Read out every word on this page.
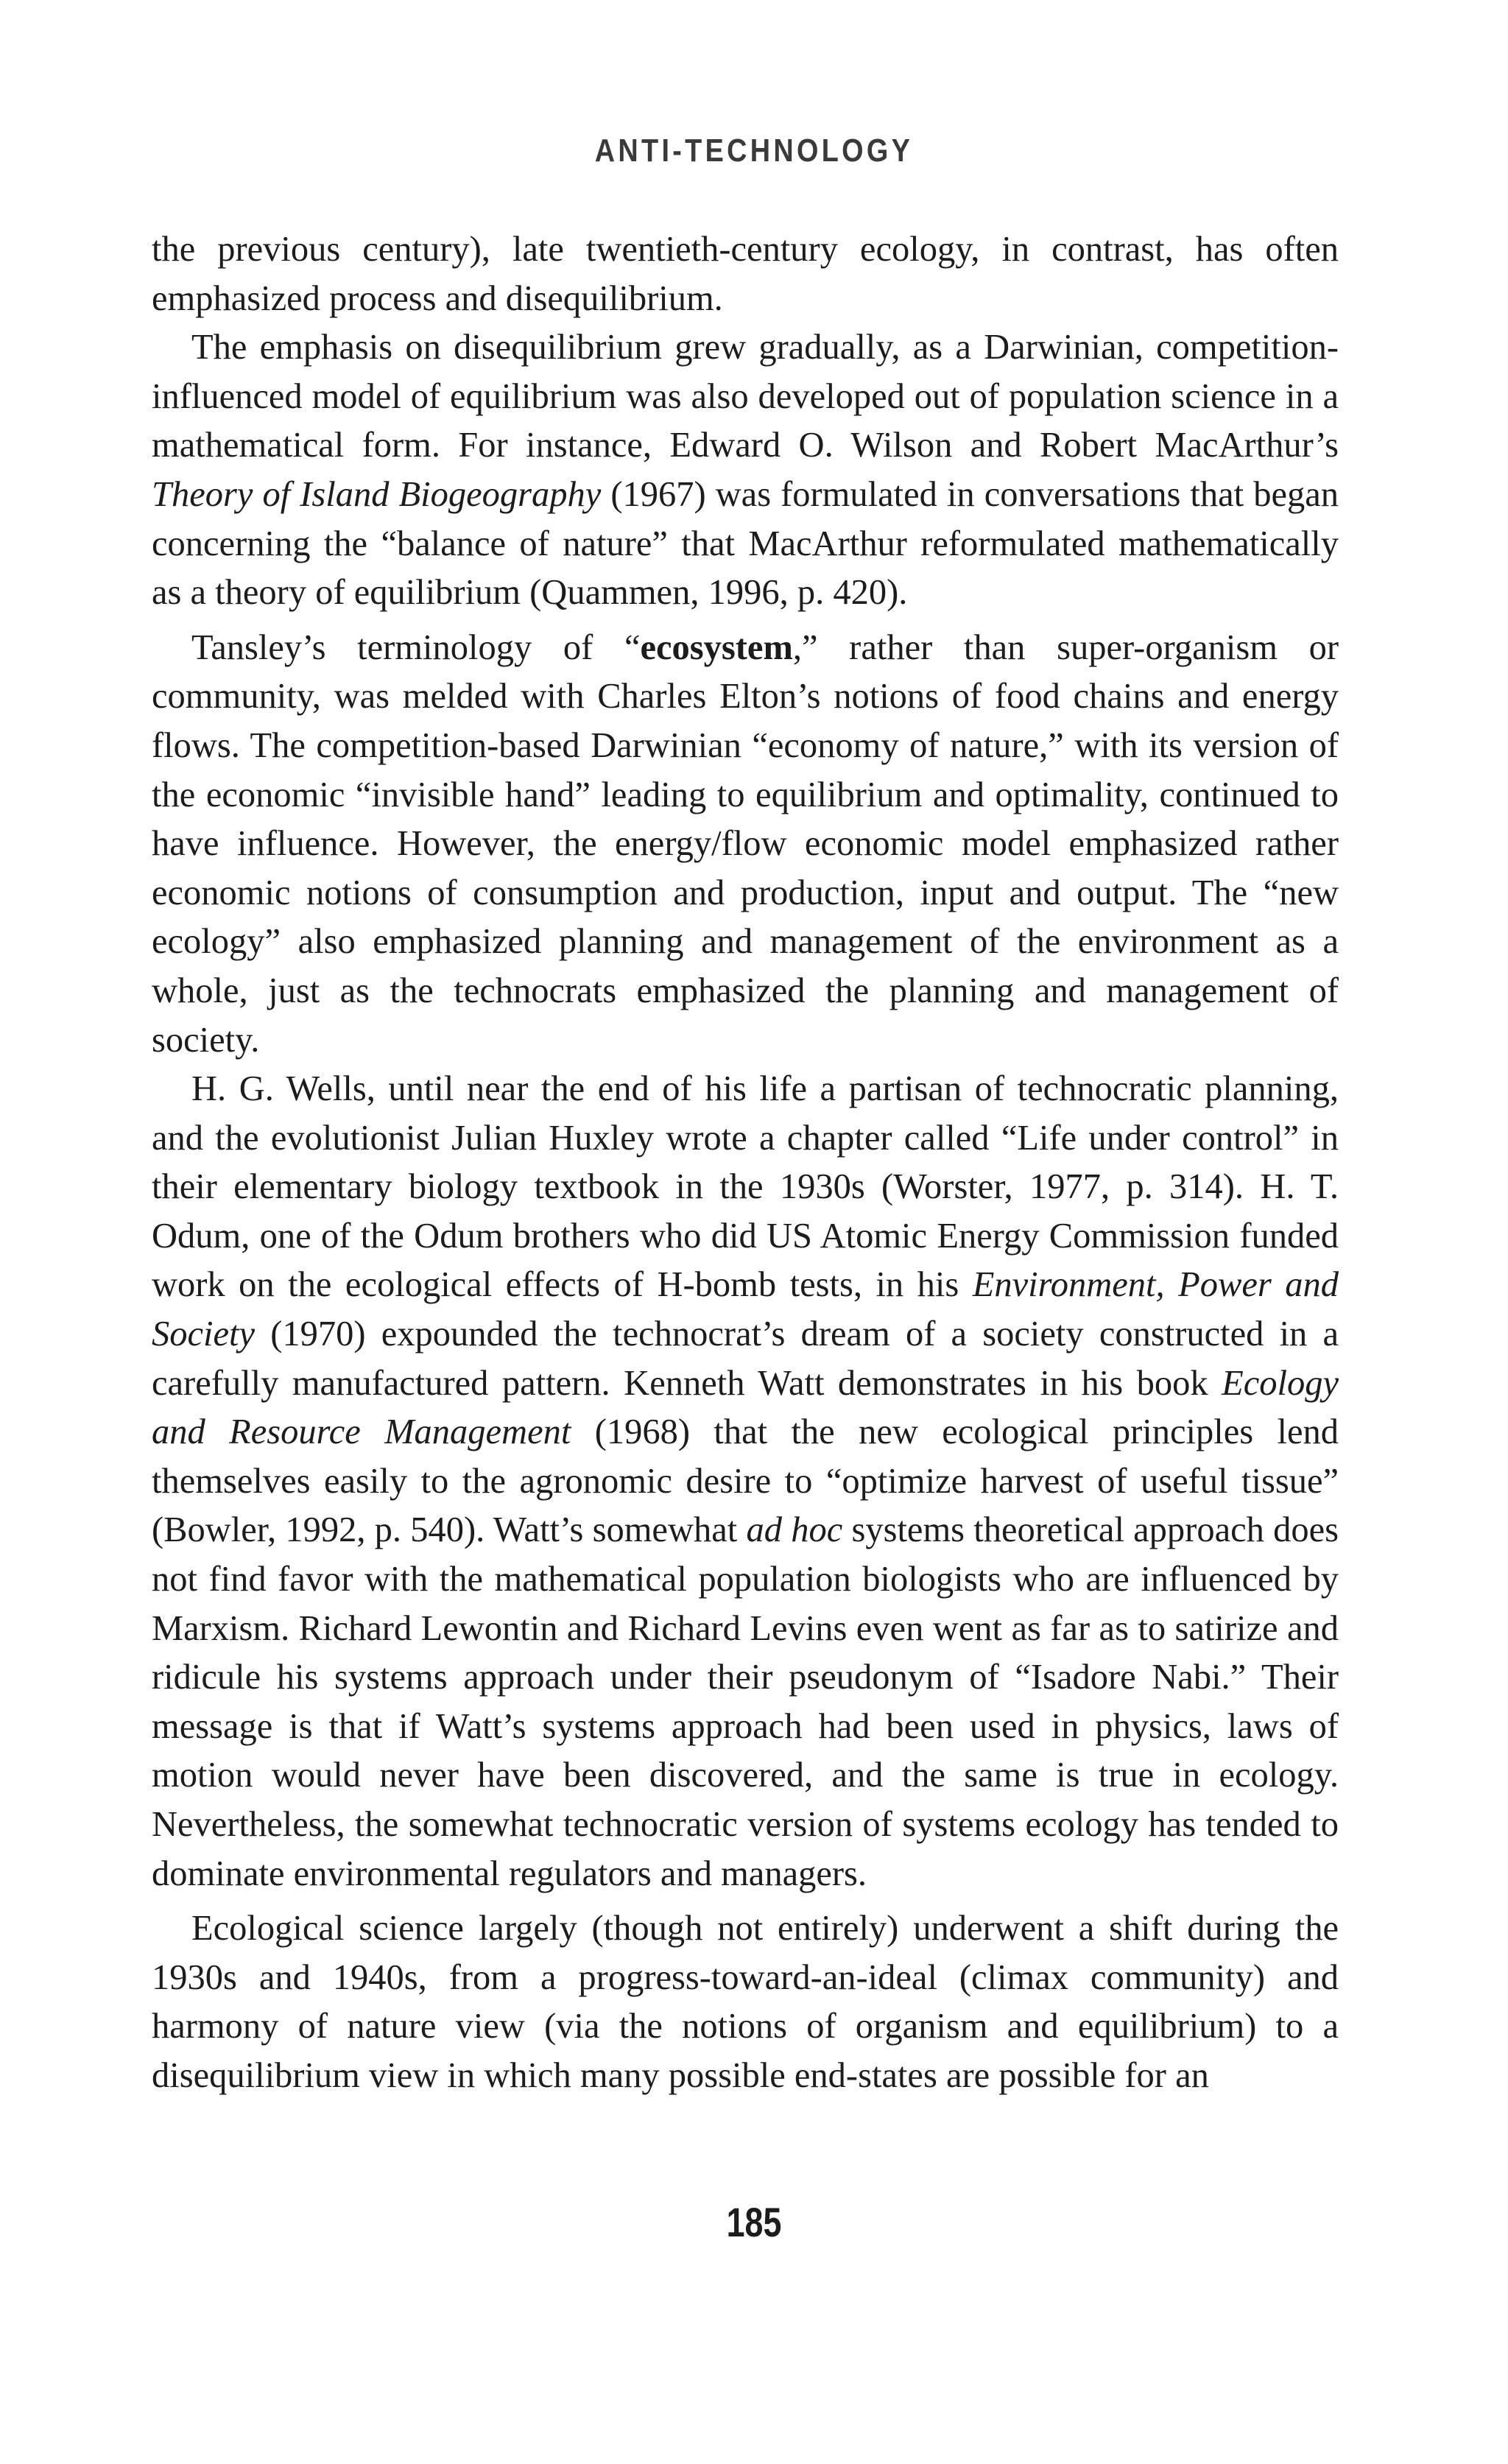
ANTI-TECHNOLOGY

the previous century), late twentieth-century ecology, in contrast, has often emphasized process and disequilibrium.

The emphasis on disequilibrium grew gradually, as a Darwinian, competition-influenced model of equilibrium was also developed out of population science in a mathematical form. For instance, Edward O. Wilson and Robert MacArthur’s Theory of Island Biogeography (1967) was formulated in conversations that began concerning the “balance of nature” that MacArthur reformulated mathematically as a theory of equilibrium (Quammen, 1996, p. 420).

Tansley’s terminology of “ecosystem,” rather than super-organism or community, was melded with Charles Elton’s notions of food chains and energy flows. The competition-based Darwinian “economy of nature,” with its version of the economic “invisible hand” leading to equilibrium and optimality, continued to have influence. However, the energy/flow economic model emphasized rather economic notions of consumption and production, input and output. The “new ecology” also emphasized planning and management of the environment as a whole, just as the technocrats emphasized the planning and management of society.

H. G. Wells, until near the end of his life a partisan of technocratic planning, and the evolutionist Julian Huxley wrote a chapter called “Life under control” in their elementary biology textbook in the 1930s (Worster, 1977, p. 314). H. T. Odum, one of the Odum brothers who did US Atomic Energy Commission funded work on the ecological effects of H-bomb tests, in his Environment, Power and Society (1970) expounded the technocrat’s dream of a society constructed in a carefully manufactured pattern. Kenneth Watt demonstrates in his book Ecology and Resource Management (1968) that the new ecological principles lend themselves easily to the agronomic desire to “optimize harvest of useful tissue” (Bowler, 1992, p. 540). Watt’s somewhat ad hoc systems theoretical approach does not find favor with the mathematical population biologists who are influenced by Marxism. Richard Lewontin and Richard Levins even went as far as to satirize and ridicule his systems approach under their pseudonym of “Isadore Nabi.” Their message is that if Watt’s systems approach had been used in physics, laws of motion would never have been discovered, and the same is true in ecology. Nevertheless, the somewhat technocratic version of systems ecology has tended to dominate environmental regulators and managers.

Ecological science largely (though not entirely) underwent a shift during the 1930s and 1940s, from a progress-toward-an-ideal (climax community) and harmony of nature view (via the notions of organism and equilibrium) to a disequilibrium view in which many possible end-states are possible for an

185
